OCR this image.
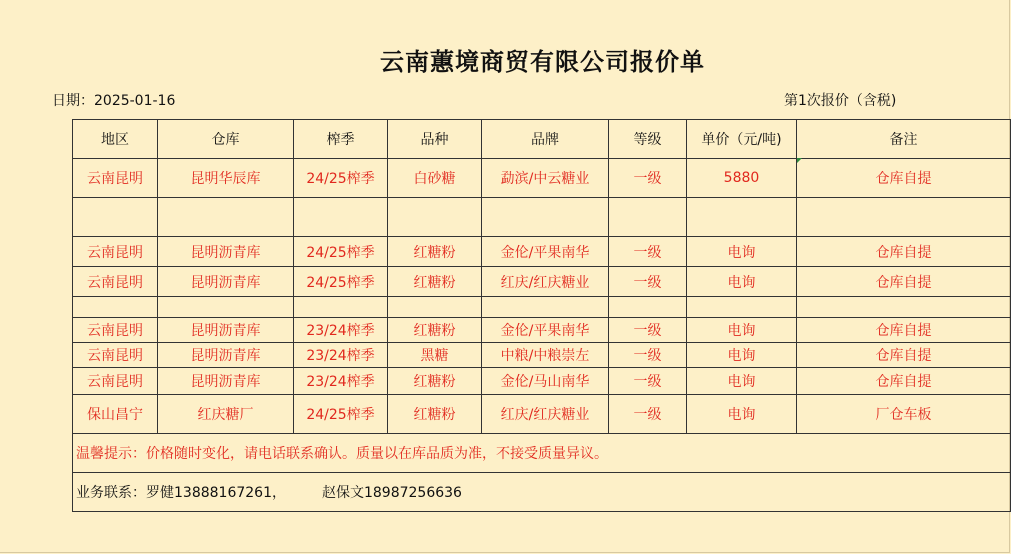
云南蕙境商贸有限公司报价单
日期：2025-01-16	第1次报价（含税)
地区	仓库	榨季	品种	品牌	等级	单价（元/吨)	备注
云南昆明	昆明华辰库	24/25榨季	白砂糖	勐滨/中云糖业	一级	5880	仓库自提

云南昆明	昆明沥青库	24/25榨季	红糖粉	金伦/平果南华	一级	电询	仓库自提
云南昆明	昆明沥青库	24/25榨季	红糖粉	红庆/红庆糖业	一级	电询	仓库自提

云南昆明	昆明沥青库	23/24榨季	红糖粉	金伦/平果南华	一级	电询	仓库自提
云南昆明	昆明沥青库	23/24榨季	黑糖	中粮/中粮崇左	一级	电询	仓库自提
云南昆明	昆明沥青库	23/24榨季	红糖粉	金伦/马山南华	一级	电询	仓库自提
保山昌宁	红庆糖厂	24/25榨季	红糖粉	红庆/红庆糖业	一级	电询	厂仓车板
温馨提示：价格随时变化，请电话联系确认。质量以在库品质为准，不接受质量异议。							
业务联系：罗健13888167261， 赵保文18987256636							
